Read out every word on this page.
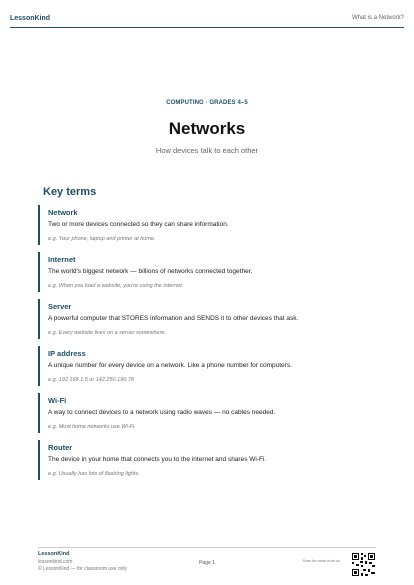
LessonKind	What is a Network?
COMPUTING · GRADES 4–5
Networks
How devices talk to each other
Key terms
Network
Two or more devices connected so they can share information.
e.g. Your phone, laptop and printer at home.
Internet
The world's biggest network — billions of networks connected together.
e.g. When you load a website, you're using the internet.
Server
A powerful computer that STORES information and SENDS it to other devices that ask.
e.g. Every website lives on a server somewhere.
IP address
A unique number for every device on a network. Like a phone number for computers.
e.g. 192.168.1.5 or 142.250.190.78
Wi-Fi
A way to connect devices to a network using radio waves — no cables needed.
e.g. Most home networks use Wi-Fi.
Router
The device in your home that connects you to the internet and shares Wi-Fi.
e.g. Usually has lots of flashing lights.
LessonKind
lessonkind.com
© LessonKind — for classroom use only
Page 1	Scan for more from us
